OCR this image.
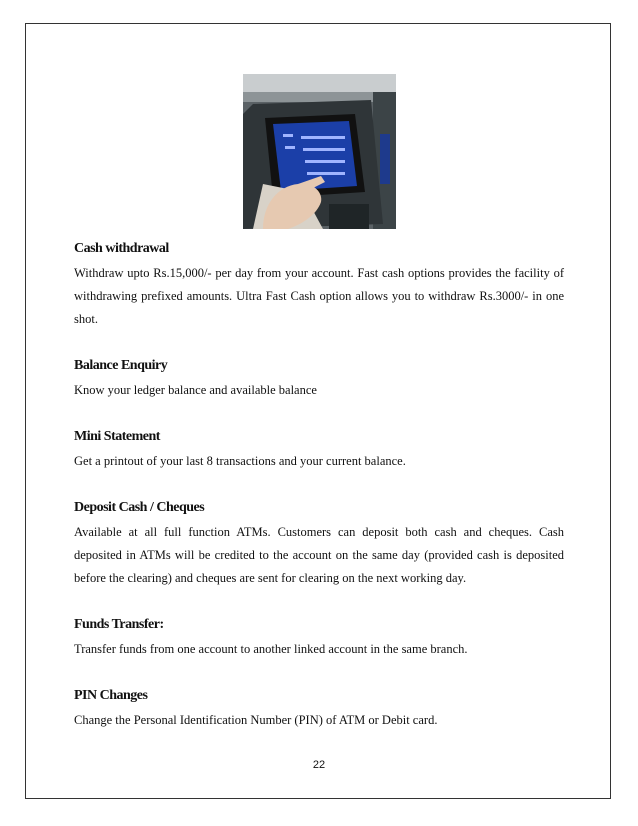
Cash withdrawal

Withdraw upto Rs.15,000/- per day from your account. Fast cash options provides the facility of withdrawing prefixed amounts. Ultra Fast Cash option allows you to withdraw Rs.3000/- in one shot.

Balance Enquiry

Know your ledger balance and available balance

Mini Statement

Get a printout of your last 8 transactions and your current balance.

Deposit Cash / Cheques

Available at all full function ATMs. Customers can deposit both cash and cheques. Cash deposited in ATMs will be credited to the account on the same day (provided cash is deposited before the clearing) and cheques are sent for clearing on the next working day.

Funds Transfer:

Transfer funds from one account to another linked account in the same branch.

PIN Changes

Change the Personal Identification Number (PIN) of ATM or Debit card.

22
